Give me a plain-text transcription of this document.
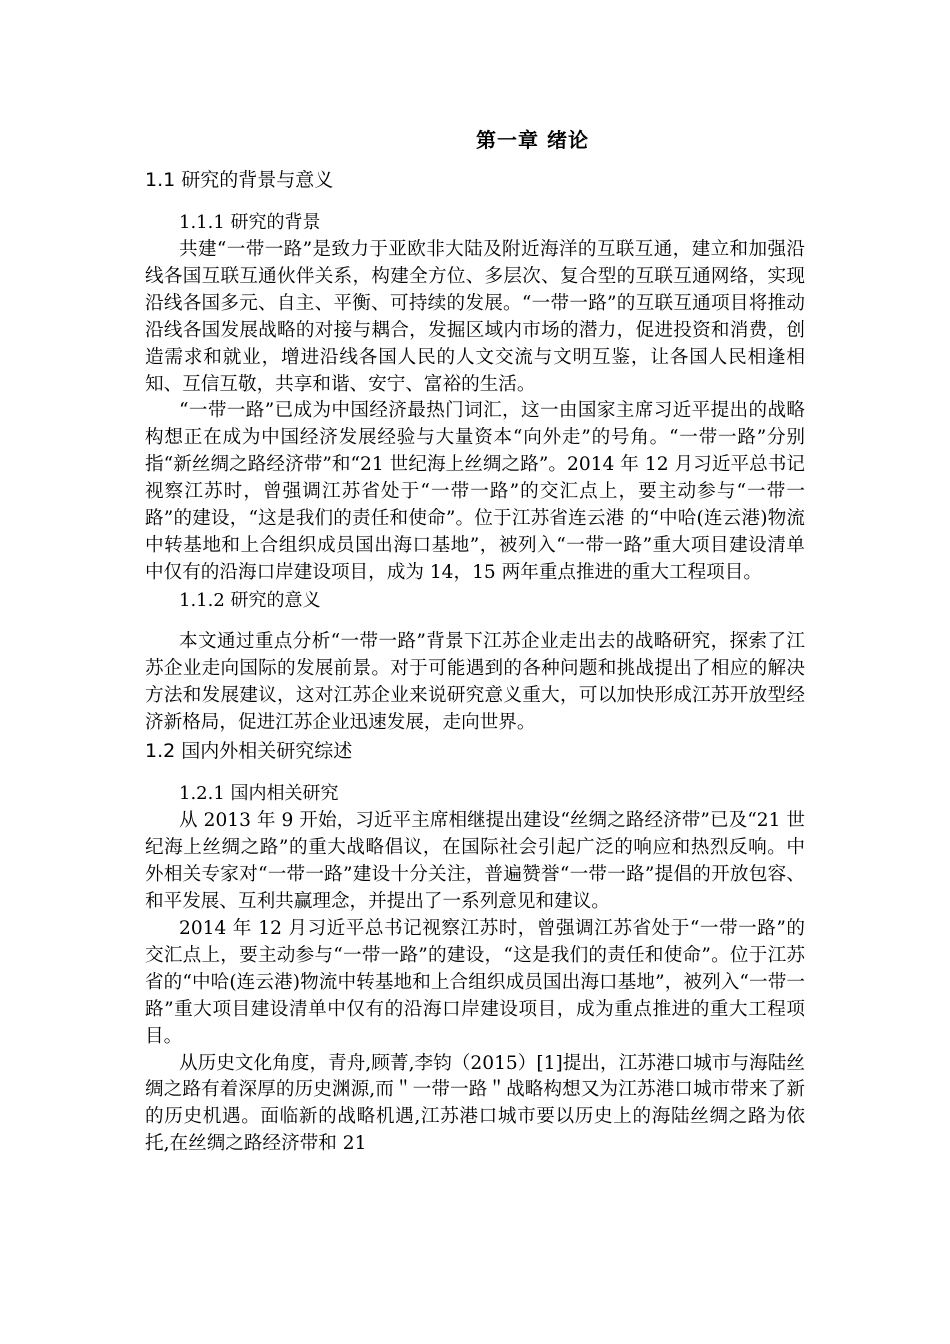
第一章 绪论
1.1 研究的背景与意义
1.1.1 研究的背景

共建“一带一路”是致力于亚欧非大陆及附近海洋的互联互通，建立和加强沿线各国互联互通伙伴关系，构建全方位、多层次、复合型的互联互通网络，实现沿线各国多元、自主、平衡、可持续的发展。“一带一路”的互联互通项目将推动沿线各国发展战略的对接与耦合，发掘区域内市场的潜力，促进投资和消费，创造需求和就业，增进沿线各国人民的人文交流与文明互鉴，让各国人民相逢相知、互信互敬，共享和谐、安宁、富裕的生活。

“一带一路”已成为中国经济最热门词汇，这一由国家主席习近平提出的战略构想正在成为中国经济发展经验与大量资本“向外走”的号角。“一带一路”分别指“新丝绸之路经济带”和“21 世纪海上丝绸之路”。2014 年 12 月习近平总书记视察江苏时，曾强调江苏省处于“一带一路”的交汇点上，要主动参与“一带一路”的建设，“这是我们的责任和使命”。位于江苏省连云港 的“中哈(连云港)物流中转基地和上合组织成员国出海口基地”，被列入“一带一路”重大项目建设清单中仅有的沿海口岸建设项目，成为 14，15 两年重点推进的重大工程项目。

1.1.2 研究的意义

本文通过重点分析“一带一路”背景下江苏企业走出去的战略研究，探索了江苏企业走向国际的发展前景。对于可能遇到的各种问题和挑战提出了相应的解决方法和发展建议，这对江苏企业来说研究意义重大，可以加快形成江苏开放型经济新格局，促进江苏企业迅速发展，走向世界。

1.2 国内外相关研究综述
1.2.1 国内相关研究

从 2013 年 9 开始，习近平主席相继提出建设“丝绸之路经济带”已及“21 世纪海上丝绸之路”的重大战略倡议，在国际社会引起广泛的响应和热烈反响。中外相关专家对“一带一路”建设十分关注，普遍赞誉“一带一路”提倡的开放包容、和平发展、互利共赢理念，并提出了一系列意见和建议。

2014 年 12 月习近平总书记视察江苏时，曾强调江苏省处于“一带一路”的交汇点上，要主动参与“一带一路”的建设，“这是我们的责任和使命”。位于江苏省的“中哈(连云港)物流中转基地和上合组织成员国出海口基地”，被列入“一带一路”重大项目建设清单中仅有的沿海口岸建设项目，成为重点推进的重大工程项目。

从历史文化角度，青舟,顾菁,李钧（2015）[1]提出，江苏港口城市与海陆丝绸之路有着深厚的历史渊源,而＂一带一路＂战略构想又为江苏港口城市带来了新的历史机遇。面临新的战略机遇,江苏港口城市要以历史上的海陆丝绸之路为依托,在丝绸之路经济带和 21
